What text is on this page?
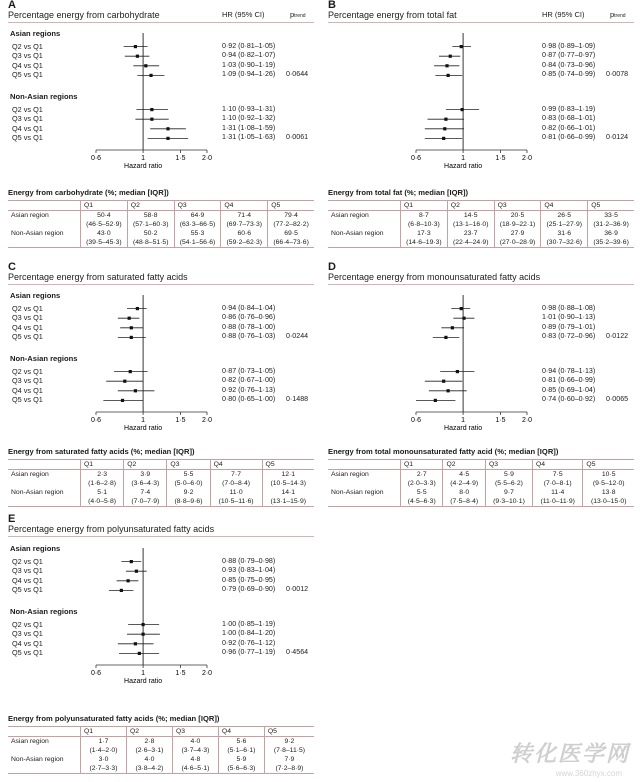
A
Percentage energy from carbohydrate	HR (95% CI)	ptrend
0·6	1	1·5 2·0
Hazard ratio
Asian regions
Q2 vs Q1	0·92 (0·81–1·05)
Q3 vs Q1	0·94 (0·82–1·07)
Q4 vs Q1	1·03 (0·90–1·19)
Q5 vs Q1	1·09 (0·94–1·26) 0·0644
Non-Asian regions
Q2 vs Q1	1·10 (0·93–1·31)
Q3 vs Q1	1·10 (0·92–1·32)
Q4 vs Q1	1·31 (1·08–1·59)
Q5 vs Q1	1·31 (1·05–1·63) 0·0061
Energy from carbohydrate (%; median [IQR])
	Q1	Q2	Q3	Q4	Q5
Asian region	50·4	58·8	64·9	71·4	79·4
	(46·5–52·9)	(57·1–60·3)	(63·3–66·5)	(69·7–73·3)	(77·2–82·2)
Non-Asian region	43·0	50·2	55·3	60·6	69·5
	(39·5–45·3)	(48·8–51·5)	(54·1–56·6)	(59·2–62·3)	(66·4–73·6)
B
Percentage energy from total fat	HR (95% CI)	ptrend
0·6	1	1·5 2·0
Hazard ratio
0·98 (0·89–1·09)
0·87 (0·77–0·97)
0·84 (0·73–0·96)
0·85 (0·74–0·99) 0·0078
0·99 (0·83–1·19)
0·83 (0·68–1·01)
0·82 (0·66–1·01)
0·81 (0·66–0·99) 0·0124
Energy from total fat (%; median [IQR])
	Q1	Q2	Q3	Q4	Q5
Asian region	8·7	14·5	20·5	26·5	33·5
	(6·8–10·3)	(13·1–16·0)	(18·9–22·1)	(25·1–27·9)	(31·2–36·9)
Non-Asian region	17·3	23·7	27·9	31·6	36·9
	(14·6–19·3)	(22·4–24·9)	(27·0–28·9)	(30·7–32·6)	(35·2–39·6)
C
Percentage energy from saturated fatty acids
0·6	1	1·5 2·0
Hazard ratio
Asian regions
Q2 vs Q1	0·94 (0·84–1·04)
Q3 vs Q1	0·86 (0·76–0·96)
Q4 vs Q1	0·88 (0·78–1·00)
Q5 vs Q1	0·88 (0·76–1·03) 0·0244
Non-Asian regions
Q2 vs Q1	0·87 (0·73–1·05)
Q3 vs Q1	0·82 (0·67–1·00)
Q4 vs Q1	0·92 (0·76–1·13)
Q5 vs Q1	0·80 (0·65–1·00) 0·1488
Energy from saturated fatty acids (%; median [IQR])
	Q1	Q2	Q3	Q4	Q5
Asian region	2·3	3·9	5·5	7·7	12·1
	(1·6–2·8)	(3·6–4·3)	(5·0–6·0)	(7·0–8·4)	(10·5–14·3)
Non-Asian region	5·1	7·4	9·2	11·0	14·1
	(4·0–5·8)	(7·0–7·9)	(8·8–9·6)	(10·5–11·6)	(13·1–15·9)
D
Percentage energy from monounsaturated fatty acids
0·6	1	1·5 2·0
Hazard ratio
0·98 (0·88–1·08)
1·01 (0·90–1·13)
0·89 (0·79–1·01)
0·83 (0·72–0·96) 0·0122
0·94 (0·78–1·13)
0·81 (0·66–0·99)
0·85 (0·69–1·04)
0·74 (0·60–0·92) 0·0065
Energy from total monounsaturated fatty acid (%; median [IQR])
	Q1	Q2	Q3	Q4	Q5
Asian region	2·7	4·5	5·9	7·5	10·5
	(2·0–3·3)	(4·2–4·9)	(5·5–6·2)	(7·0–8·1)	(9·5–12·0)
Non-Asian region	5·5	8·0	9·7	11·4	13·8
	(4·5–6·3)	(7·5–8·4)	(9·3–10·1)	(11·0–11·9)	(13·0–15·0)
E
Percentage energy from polyunsaturated fatty acids
0·6	1	1·5 2·0
Hazard ratio
Asian regions
Q2 vs Q1	0·88 (0·79–0·98)
Q3 vs Q1	0·93 (0·83–1·04)
Q4 vs Q1	0·85 (0·75–0·95)
Q5 vs Q1	0·79 (0·69–0·90) 0·0012
Non-Asian regions
Q2 vs Q1	1·00 (0·85–1·19)
Q3 vs Q1	1·00 (0·84–1·20)
Q4 vs Q1	0·92 (0·76–1·12)
Q5 vs Q1	0·96 (0·77–1·19) 0·4564
Energy from polyunsaturated fatty acids (%; median [IQR])
	Q1	Q2	Q3	Q4	Q5
Asian region	1·7	2·8	4·0	5·6	9·2
	(1·4–2·0)	(2·6–3·1)	(3·7–4·3)	(5·1–6·1)	(7·8–11·5)
Non-Asian region	3·0	4·0	4·8	5·9	7·9
	(2·7–3·3)	(3·8–4·2)	(4·6–5·1)	(5·6–6·3)	(7·2–8·9)
转化医学网
www.360zhyx.com
